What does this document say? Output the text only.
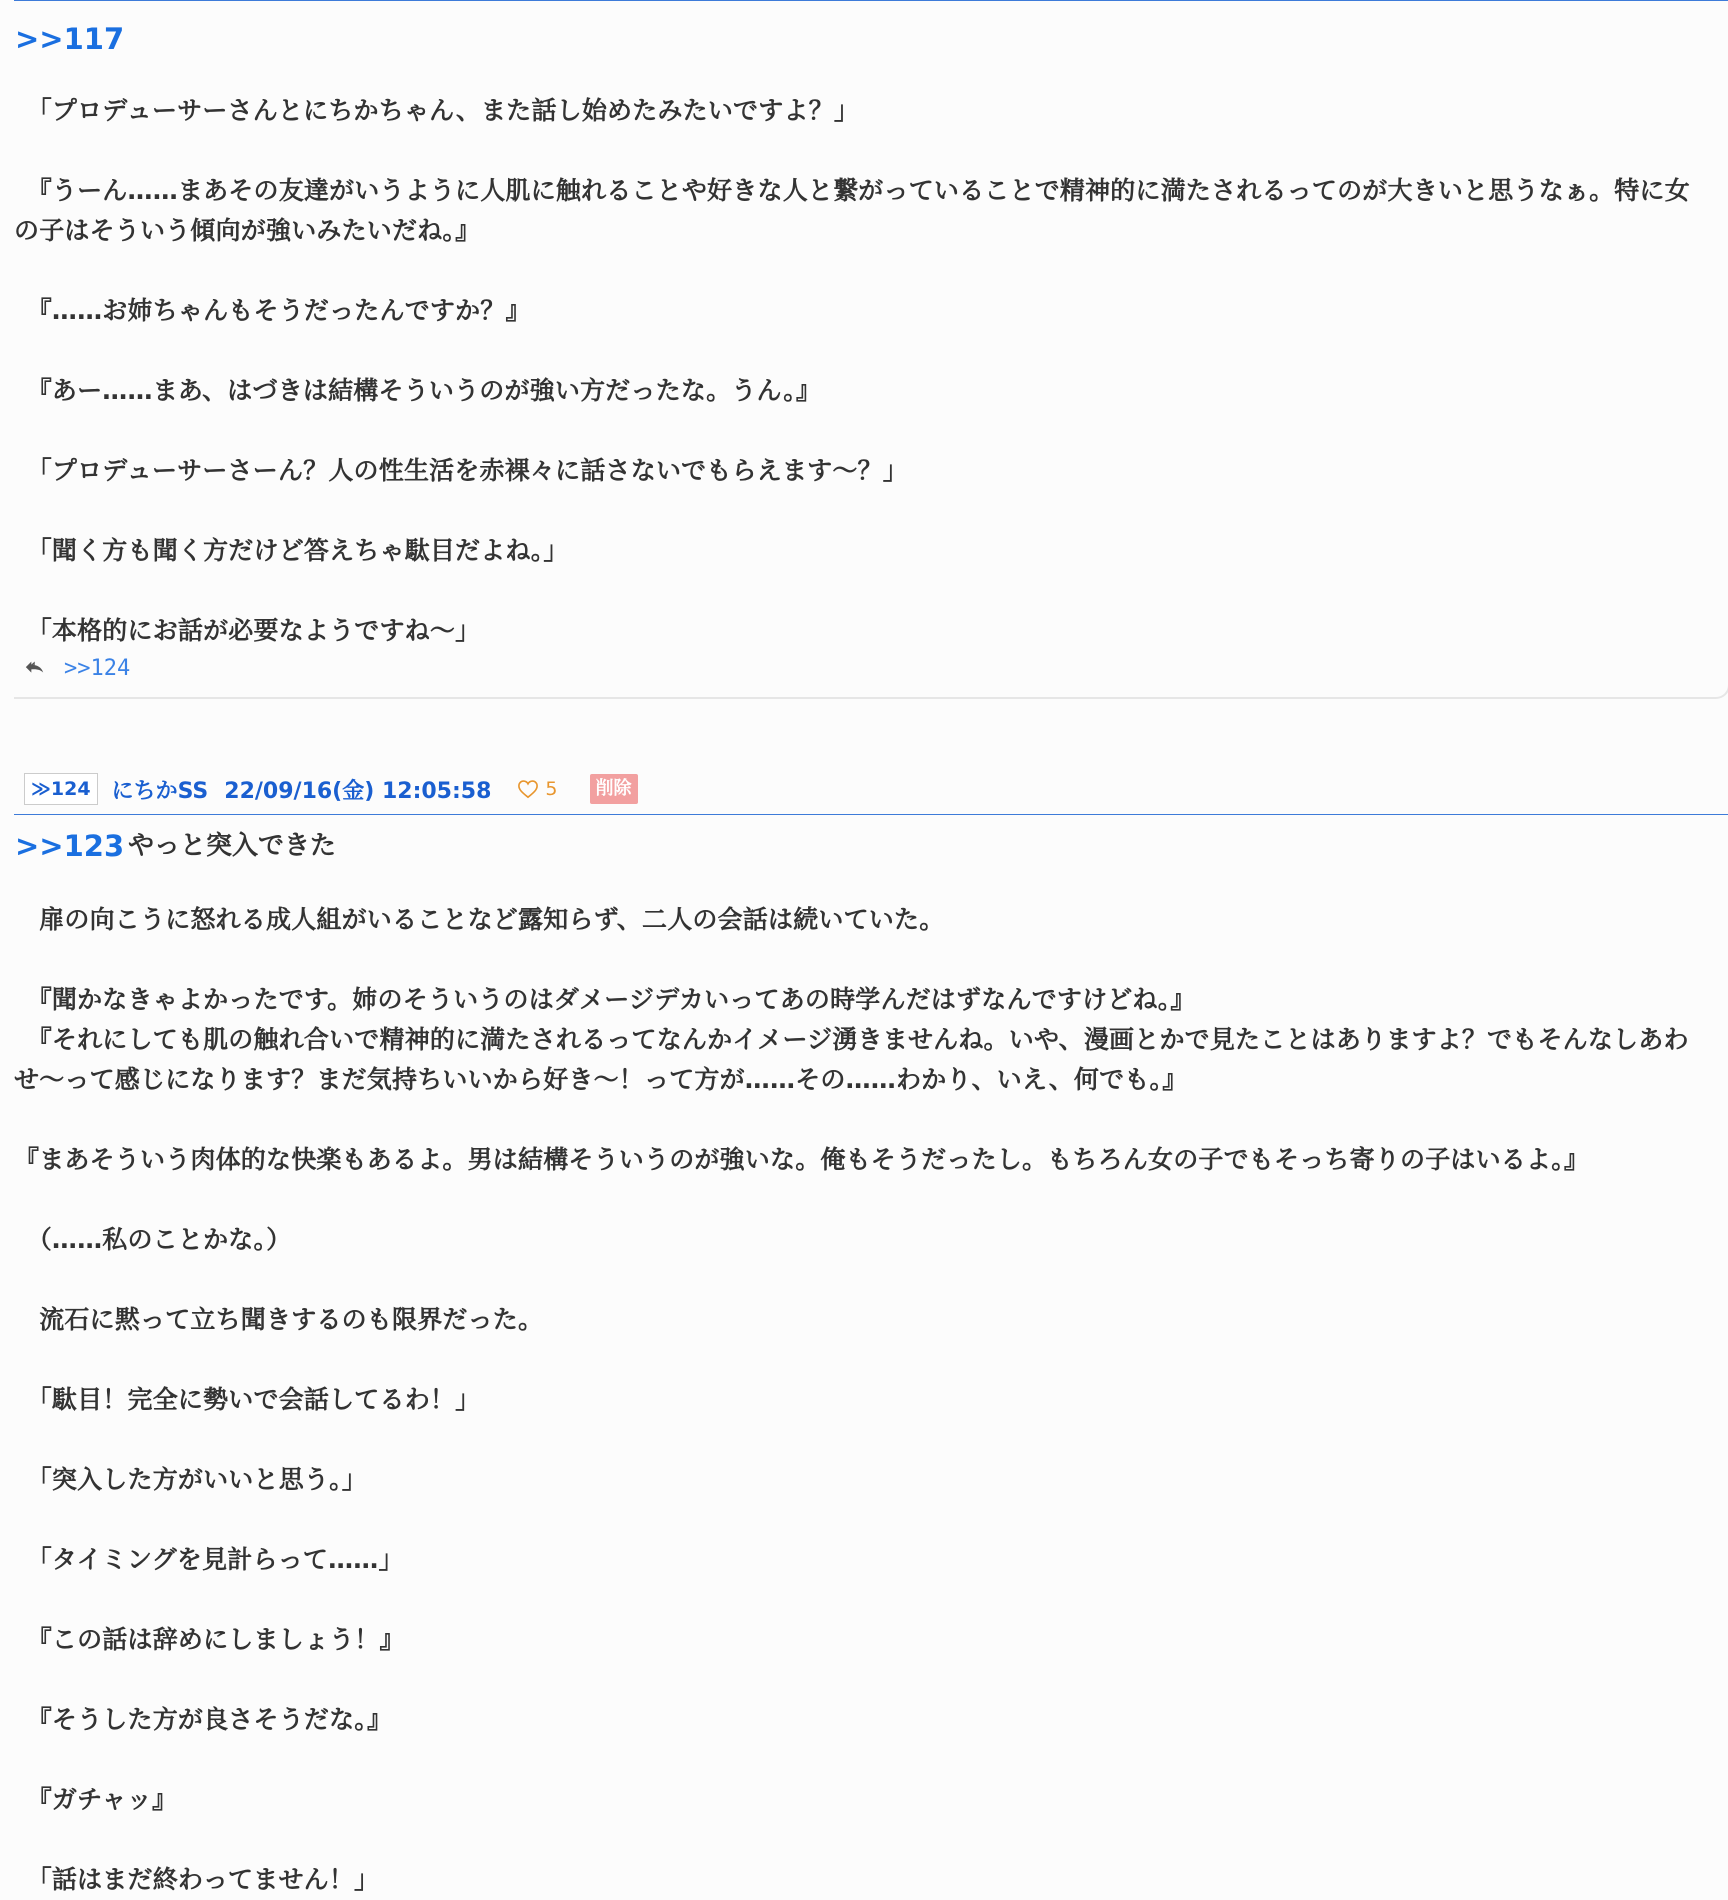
>>117

　「プロデューサーさんとにちかちゃん、また話し始めたみたいですよ？」

　『うーん……まあその友達がいうように人肌に触れることや好きな人と繋がっていることで精神的に満たされるってのが大きいと思うなぁ。特に女の子はそういう傾向が強いみたいだね。』

　『……お姉ちゃんもそうだったんですか？』

　『あー……まあ、はづきは結構そういうのが強い方だったな。うん。』

　「プロデューサーさーん？人の性生活を赤裸々に話さないでもらえます〜？」

　「聞く方も聞く方だけど答えちゃ駄目だよね。」

　「本格的にお話が必要なようですね〜」

>>124
≫124 にちかSS 22/09/16(金) 12:05:58	5	削除
>>123 やっと突入できた

　扉の向こうに怒れる成人組がいることなど露知らず、二人の会話は続いていた。

　『聞かなきゃよかったです。姉のそういうのはダメージデカいってあの時学んだはずなんですけどね。』
　『それにしても肌の触れ合いで精神的に満たされるってなんかイメージ湧きませんね。いや、漫画とかで見たことはありますよ？でもそんなしあわせ〜って感じになります？まだ気持ちいいから好き〜！って方が……その……わかり、いえ、何でも。』

『まあそういう肉体的な快楽もあるよ。男は結構そういうのが強いな。俺もそうだったし。もちろん女の子でもそっち寄りの子はいるよ。』

　（……私のことかな。）

　流石に黙って立ち聞きするのも限界だった。

　「駄目！完全に勢いで会話してるわ！」

　「突入した方がいいと思う。」

　「タイミングを見計らって……」

　『この話は辞めにしましょう！』

　『そうした方が良さそうだな。』

　『ガチャッ』

　「話はまだ終わってません！」
